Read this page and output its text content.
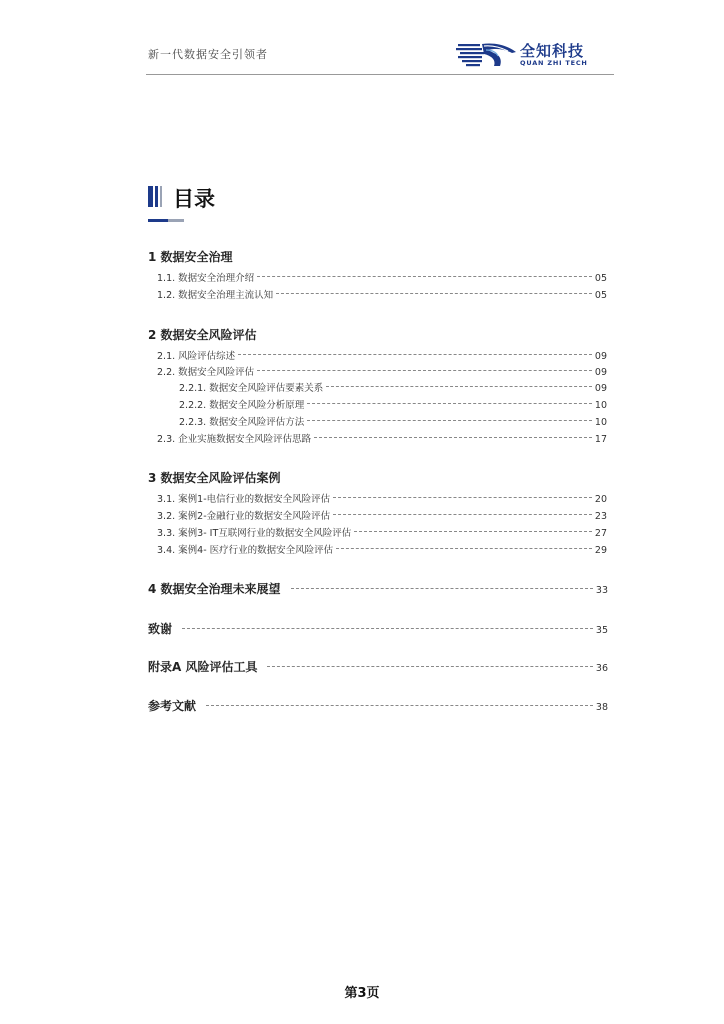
新一代数据安全引领者	全知科技
QUAN ZHI TECH
目录
1 数据安全治理
1.1. 数据安全治理介绍	05
1.2. 数据安全治理主流认知	05
2 数据安全风险评估
2.1. 风险评估综述	09
2.2. 数据安全风险评估	09
2.2.1. 数据安全风险评估要素关系	09
2.2.2. 数据安全风险分析原理	10
2.2.3. 数据安全风险评估方法	10
2.3. 企业实施数据安全风险评估思路	17
3 数据安全风险评估案例
3.1. 案例1-电信行业的数据安全风险评估	20
3.2. 案例2-金融行业的数据安全风险评估	23
3.3. 案例3- IT互联网行业的数据安全风险评估	27
3.4. 案例4- 医疗行业的数据安全风险评估	29
4 数据安全治理未来展望	33
致谢	35
附录A 风险评估工具	36
参考文献	38
第3页
